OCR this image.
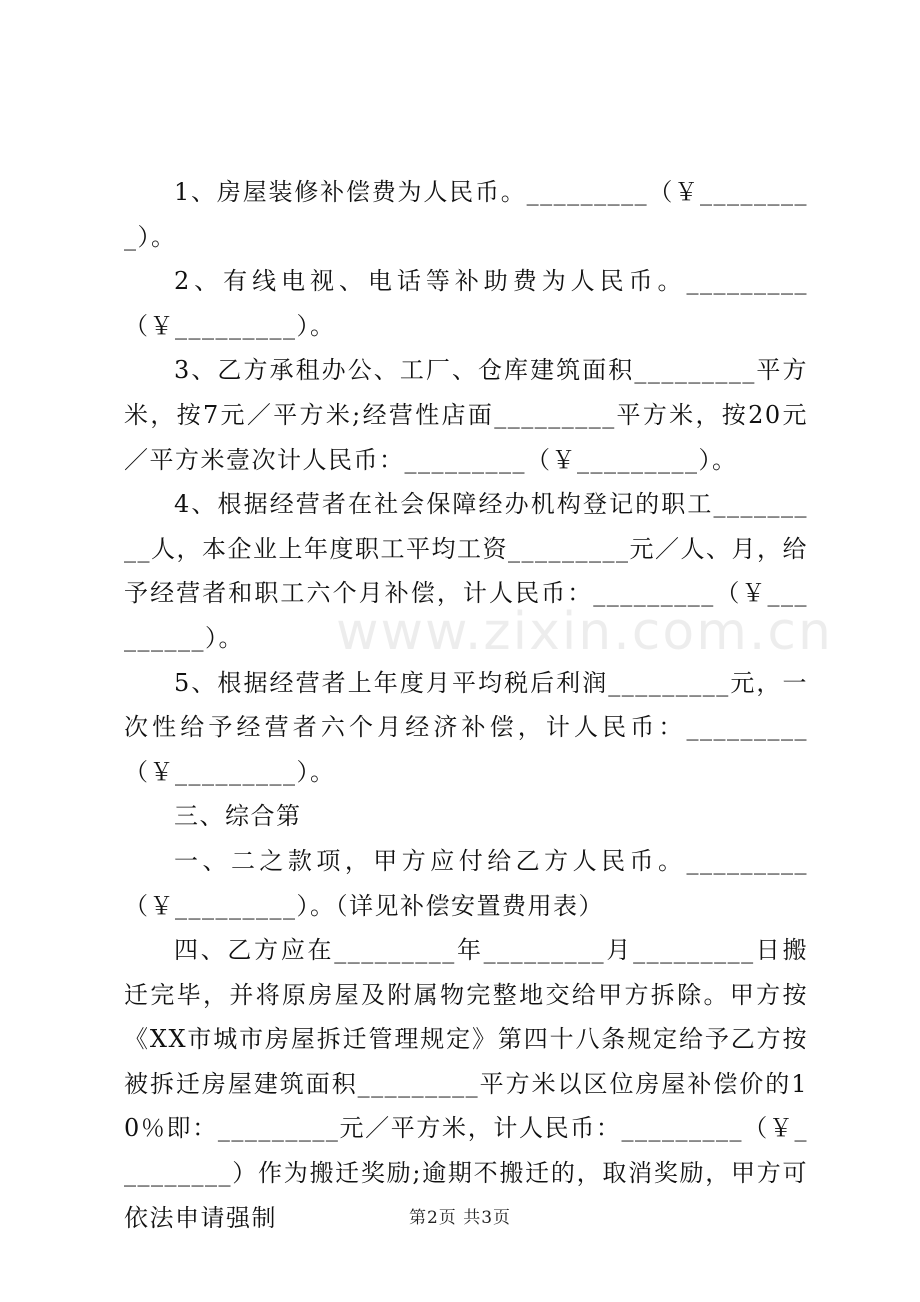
1、房屋装修补偿费为人民币。_________（￥_________）。

2、有线电视、电话等补助费为人民币。_________（￥_________）。

3、乙方承租办公、工厂、仓库建筑面积_________平方米，按7元／平方米;经营性店面_________平方米，按20元／平方米壹次计人民币：_________（￥_________）。

4、根据经营者在社会保障经办机构登记的职工_________人，本企业上年度职工平均工资_________元／人、月，给予经营者和职工六个月补偿，计人民币：_________（￥_________）。

5、根据经营者上年度月平均税后利润_________元，一次性给予经营者六个月经济补偿，计人民币：_________（￥_________）。

三、综合第

一、二之款项，甲方应付给乙方人民币。_________（￥_________）。（详见补偿安置费用表）

四、乙方应在_________年_________月_________日搬迁完毕，并将原房屋及附属物完整地交给甲方拆除。甲方按《XX市城市房屋拆迁管理规定》第四十八条规定给予乙方按被拆迁房屋建筑面积_________平方米以区位房屋补偿价的10％即：_________元／平方米，计人民币：_________（￥_________）作为搬迁奖励;逾期不搬迁的，取消奖励，甲方可依法申请强制

www.zixin.com.cn
第2页 共3页
